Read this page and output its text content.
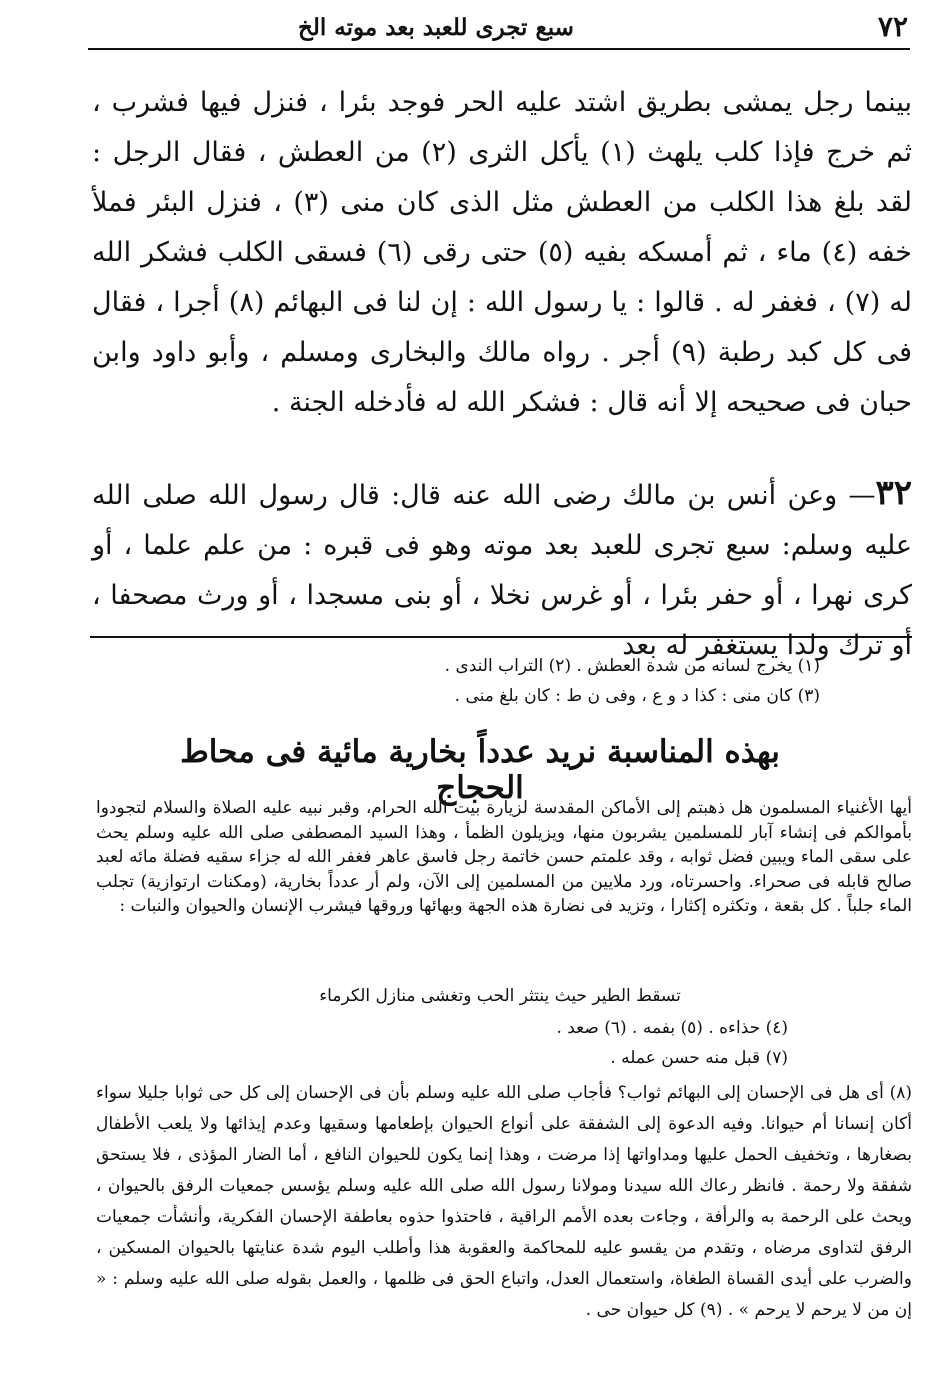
٧٢
سبع تجرى للعبد بعد موته الخ

بينما رجل يمشى بطريق اشتد عليه الحر فوجد بئرا ، فنزل فيها فشرب ، ثم خرج فإذا كلب يلهث (١) يأكل الثرى (٢) من العطش ، فقال الرجل : لقد بلغ هذا الكلب من العطش مثل الذى كان منى (٣) ، فنزل البئر فملأ خفه (٤) ماء ، ثم أمسكه بفيه (٥) حتى رقى (٦) فسقى الكلب فشكر الله له (٧) ، فغفر له . قالوا : يا رسول الله : إن لنا فى البهائم (٨) أجرا ، فقال فى كل كبد رطبة (٩) أجر . رواه مالك والبخارى ومسلم ، وأبو داود وابن حبان فى صحيحه إلا أنه قال : فشكر الله له فأدخله الجنة .

٣٢— وعن أنس بن مالك رضى الله عنه قال: قال رسول الله صلى الله عليه وسلم: سبع تجرى للعبد بعد موته وهو فى قبره : من علم علما ، أو كرى نهرا ، أو حفر بئرا ، أو غرس نخلا ، أو بنى مسجدا ، أو ورث مصحفا ، أو ترك ولدا يستغفر له بعد

(١) يخرج لسانه من شدة العطش . (٢) التراب الندى .

(٣) كان منى : كذا د و ع ، وفى ن ط : كان بلغ منى .

بهذه المناسبة نريد عدداً بخارية مائية فى محاط الحجاج

أيها الأغنياء المسلمون هل ذهبتم إلى الأماكن المقدسة لزيارة بيت الله الحرام، وقبر نبيه عليه الصلاة والسلام لتجودوا بأموالكم فى إنشاء آبار للمسلمين يشربون منها، ويزيلون الظمأ ، وهذا السيد المصطفى صلى الله عليه وسلم يحث على سقى الماء ويبين فضل ثوابه ، وقد علمتم حسن خاتمة رجل فاسق عاهر فغفر الله له جزاء سقيه فضلة مائه لعبد صالح قابله فى صحراء. واحسرتاه، ورد ملايين من المسلمين إلى الآن، ولم أر عدداً بخارية، (ومكنات ارتوازية) تجلب الماء جلباً . كل بقعة ، وتكثره إكثارا ، وتزيد فى نضارة هذه الجهة وبهائها وروقها فيشرب الإنسان والحيوان والنبات :

تسقط الطير حيث ينتثر الحب وتغشى منازل الكرماء

(٤) حذاءه . (٥) بفمه . (٦) صعد .

(٧) قبل منه حسن عمله .

(٨) أى هل فى الإحسان إلى البهائم ثواب؟ فأجاب صلى الله عليه وسلم بأن فى الإحسان إلى كل حى ثوابا جليلا سواء أكان إنسانا أم حيوانا. وفيه الدعوة إلى الشفقة على أنواع الحيوان بإطعامها وسقيها وعدم إيذائها ولا يلعب الأطفال بصغارها ، وتخفيف الحمل عليها ومداواتها إذا مرضت ، وهذا إنما يكون للحيوان النافع ، أما الضار المؤذى ، فلا يستحق شفقة ولا رحمة . فانظر رعاك الله سيدنا ومولانا رسول الله صلى الله عليه وسلم يؤسس جمعيات الرفق بالحيوان ، ويحث على الرحمة به والرأفة ، وجاءت بعده الأمم الراقية ، فاحتذوا حذوه بعاطفة الإحسان الفكرية، وأنشأت جمعيات الرفق لتداوى مرضاه ، وتقدم من يقسو عليه للمحاكمة والعقوبة هذا وأطلب اليوم شدة عنايتها بالحيوان المسكين ، والضرب على أيدى القساة الطغاة، واستعمال العدل، واتباع الحق فى ظلمها ، والعمل بقوله صلى الله عليه وسلم : « إن من لا يرحم لا يرحم » . (٩) كل حيوان حى .
